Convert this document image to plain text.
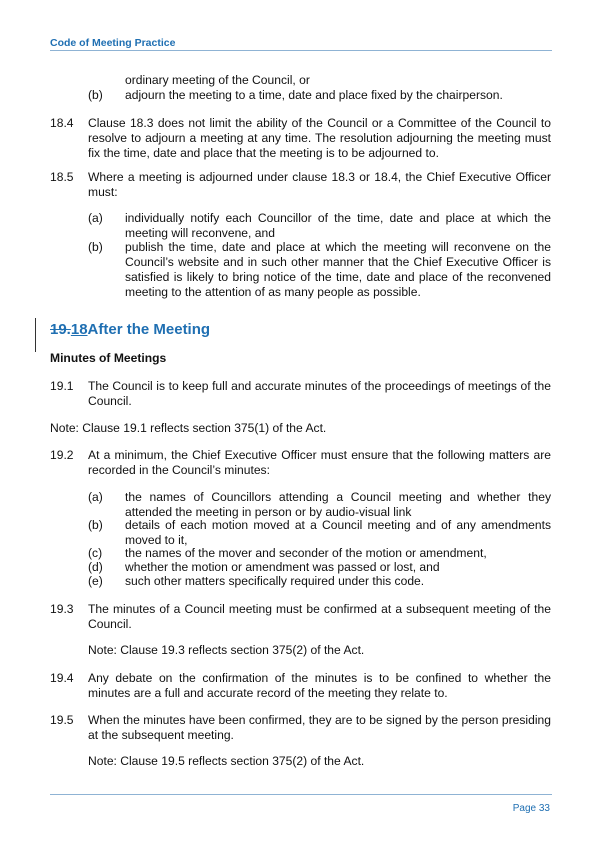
Code of Meeting Practice

ordinary meeting of the Council, or

(b) adjourn the meeting to a time, date and place fixed by the chairperson.

18.4 Clause 18.3 does not limit the ability of the Council or a Committee of the Council to resolve to adjourn a meeting at any time. The resolution adjourning the meeting must fix the time, date and place that the meeting is to be adjourned to.

18.5 Where a meeting is adjourned under clause 18.3 or 18.4, the Chief Executive Officer must:

(a) individually notify each Councillor of the time, date and place at which the meeting will reconvene, and

(b) publish the time, date and place at which the meeting will reconvene on the Council’s website and in such other manner that the Chief Executive Officer is satisfied is likely to bring notice of the time, date and place of the reconvened meeting to the attention of as many people as possible.

19.18After the Meeting
Minutes of Meetings

19.1 The Council is to keep full and accurate minutes of the proceedings of meetings of the Council.

Note: Clause 19.1 reflects section 375(1) of the Act.

19.2 At a minimum, the Chief Executive Officer must ensure that the following matters are recorded in the Council’s minutes:

(a) the names of Councillors attending a Council meeting and whether they attended the meeting in person or by audio-visual link

(b) details of each motion moved at a Council meeting and of any amendments moved to it,

(c) the names of the mover and seconder of the motion or amendment,

(d) whether the motion or amendment was passed or lost, and

(e) such other matters specifically required under this code.

19.3 The minutes of a Council meeting must be confirmed at a subsequent meeting of the Council.

Note: Clause 19.3 reflects section 375(2) of the Act.

19.4 Any debate on the confirmation of the minutes is to be confined to whether the minutes are a full and accurate record of the meeting they relate to.

19.5 When the minutes have been confirmed, they are to be signed by the person presiding at the subsequent meeting.

Note: Clause 19.5 reflects section 375(2) of the Act.

Page 33
